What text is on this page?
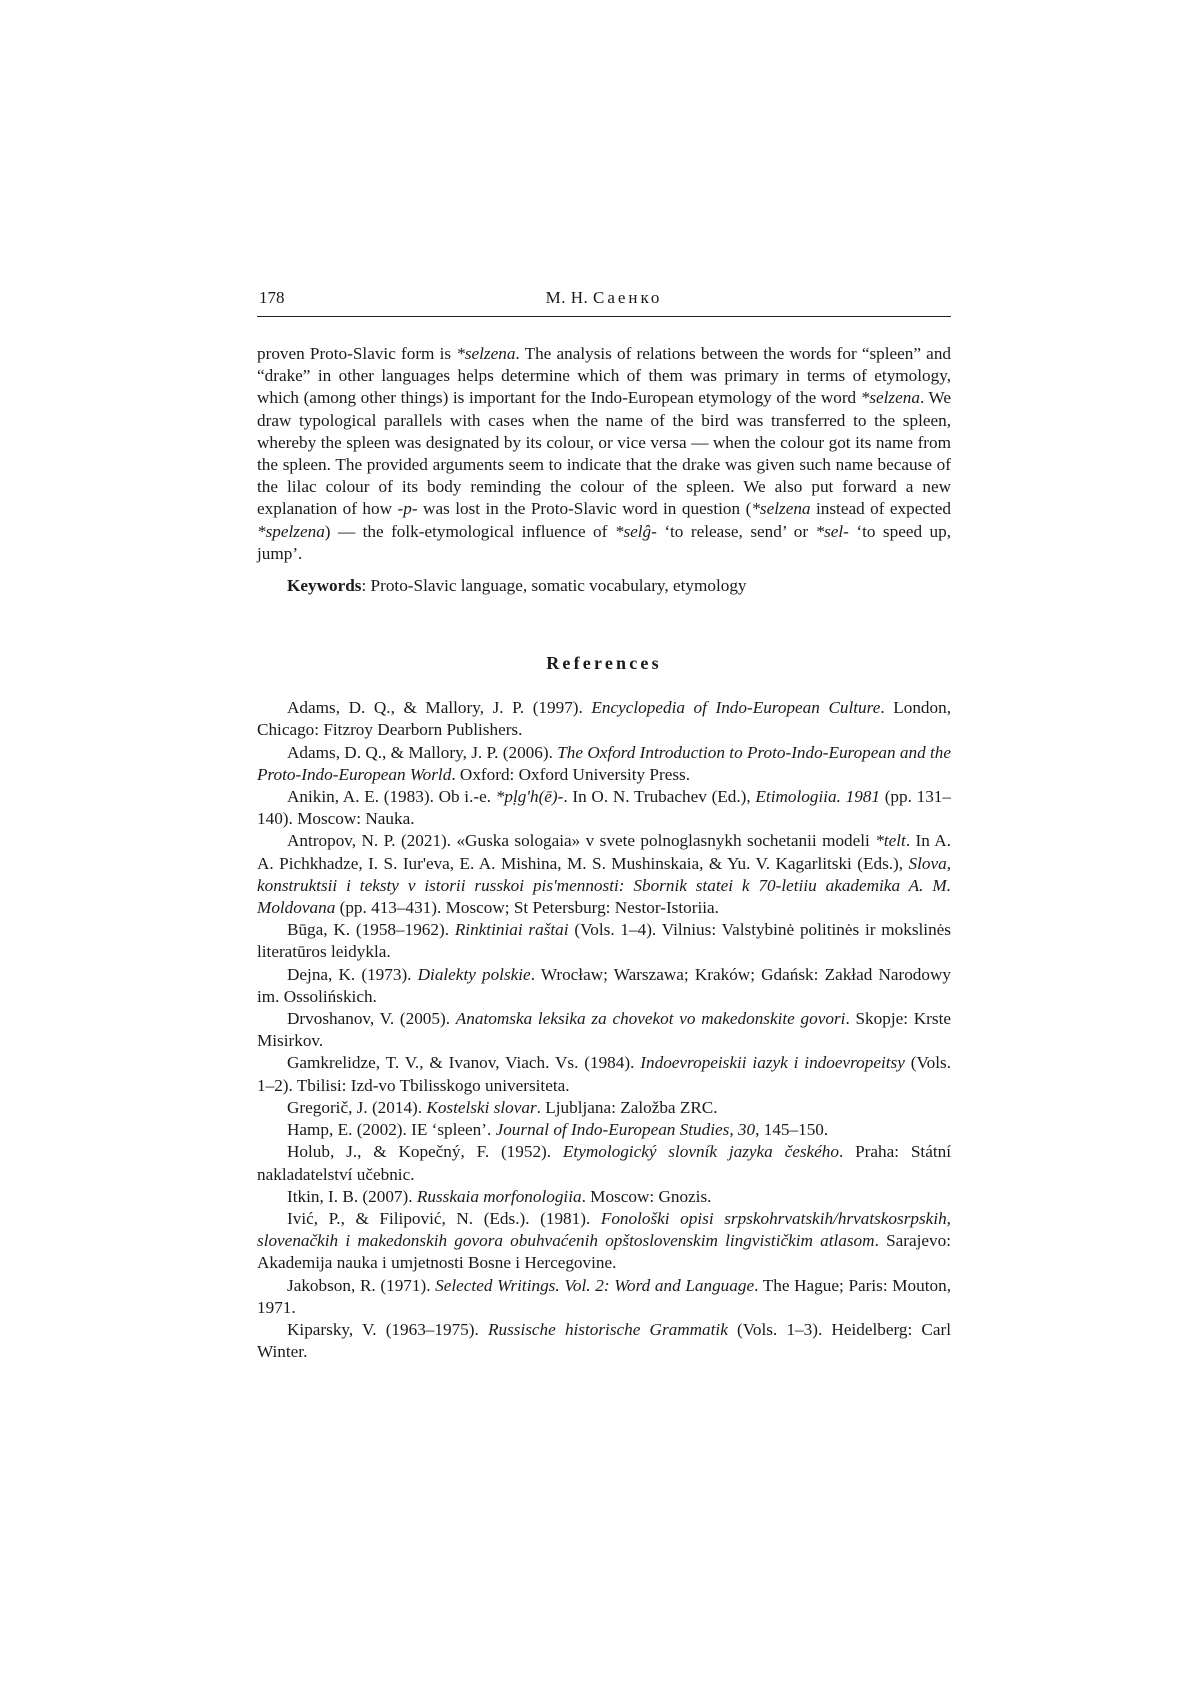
178	М. Н. Саенко

proven Proto-Slavic form is *selzena. The analysis of relations between the words for “spleen” and “drake” in other languages helps determine which of them was primary in terms of etymology, which (among other things) is important for the Indo-European etymology of the word *selzena. We draw typological parallels with cases when the name of the bird was transferred to the spleen, whereby the spleen was designated by its colour, or vice versa — when the colour got its name from the spleen. The provided arguments seem to indicate that the drake was given such name because of the lilac colour of its body reminding the colour of the spleen. We also put forward a new explanation of how -p- was lost in the Proto-Slavic word in question (*selzena instead of expected *spelzena) — the folk-etymological influence of *selĝ- ‘to release, send’ or *sel- ‘to speed up, jump’.

Keywords: Proto-Slavic language, somatic vocabulary, etymology

References

Adams, D. Q., & Mallory, J. P. (1997). Encyclopedia of Indo-European Culture. London, Chicago: Fitzroy Dearborn Publishers.

Adams, D. Q., & Mallory, J. P. (2006). The Oxford Introduction to Proto-Indo-European and the Proto-Indo-European World. Oxford: Oxford University Press.

Anikin, A. E. (1983). Ob i.-e. *pḷg'h(ē)-. In O. N. Trubachev (Ed.), Etimologiia. 1981 (pp. 131–140). Moscow: Nauka.

Antropov, N. P. (2021). «Guska sologaia» v svete polnoglasnykh sochetanii modeli *telt. In A. A. Pichkhadze, I. S. Iur'eva, E. A. Mishina, M. S. Mushinskaia, & Yu. V. Kagarlitski (Eds.), Slova, konstruktsii i teksty v istorii russkoi pis'mennosti: Sbornik statei k 70-letiiu akademika A. M. Moldovana (pp. 413–431). Moscow; St Petersburg: Nestor-Istoriia.

Būga, K. (1958–1962). Rinktiniai raštai (Vols. 1–4). Vilnius: Valstybinė politinės ir mokslinės literatūros leidykla.

Dejna, K. (1973). Dialekty polskie. Wrocław; Warszawa; Kraków; Gdańsk: Zakład Narodowy im. Ossolińskich.

Drvoshanov, V. (2005). Anatomska leksika za chovekot vo makedonskite govori. Skopje: Krste Misirkov.

Gamkrelidze, T. V., & Ivanov, Viach. Vs. (1984). Indoevropeiskii iazyk i indoevropeitsy (Vols. 1–2). Tbilisi: Izd-vo Tbilisskogo universiteta.

Gregorič, J. (2014). Kostelski slovar. Ljubljana: Založba ZRC.

Hamp, E. (2002). IE ‘spleen’. Journal of Indo-European Studies, 30, 145–150.

Holub, J., & Kopečný, F. (1952). Etymologický slovník jazyka českého. Praha: Státní nakladatelství učebnic.

Itkin, I. B. (2007). Russkaia morfonologiia. Moscow: Gnozis.

Ivić, P., & Filipović, N. (Eds.). (1981). Fonološki opisi srpskohrvatskih/hrvatskosrpskih, slovenačkih i makedonskih govora obuhvaćenih opštoslovenskim lingvističkim atlasom. Sarajevo: Akademija nauka i umjetnosti Bosne i Hercegovine.

Jakobson, R. (1971). Selected Writings. Vol. 2: Word and Language. The Hague; Paris: Mouton, 1971.

Kiparsky, V. (1963–1975). Russische historische Grammatik (Vols. 1–3). Heidelberg: Carl Winter.
